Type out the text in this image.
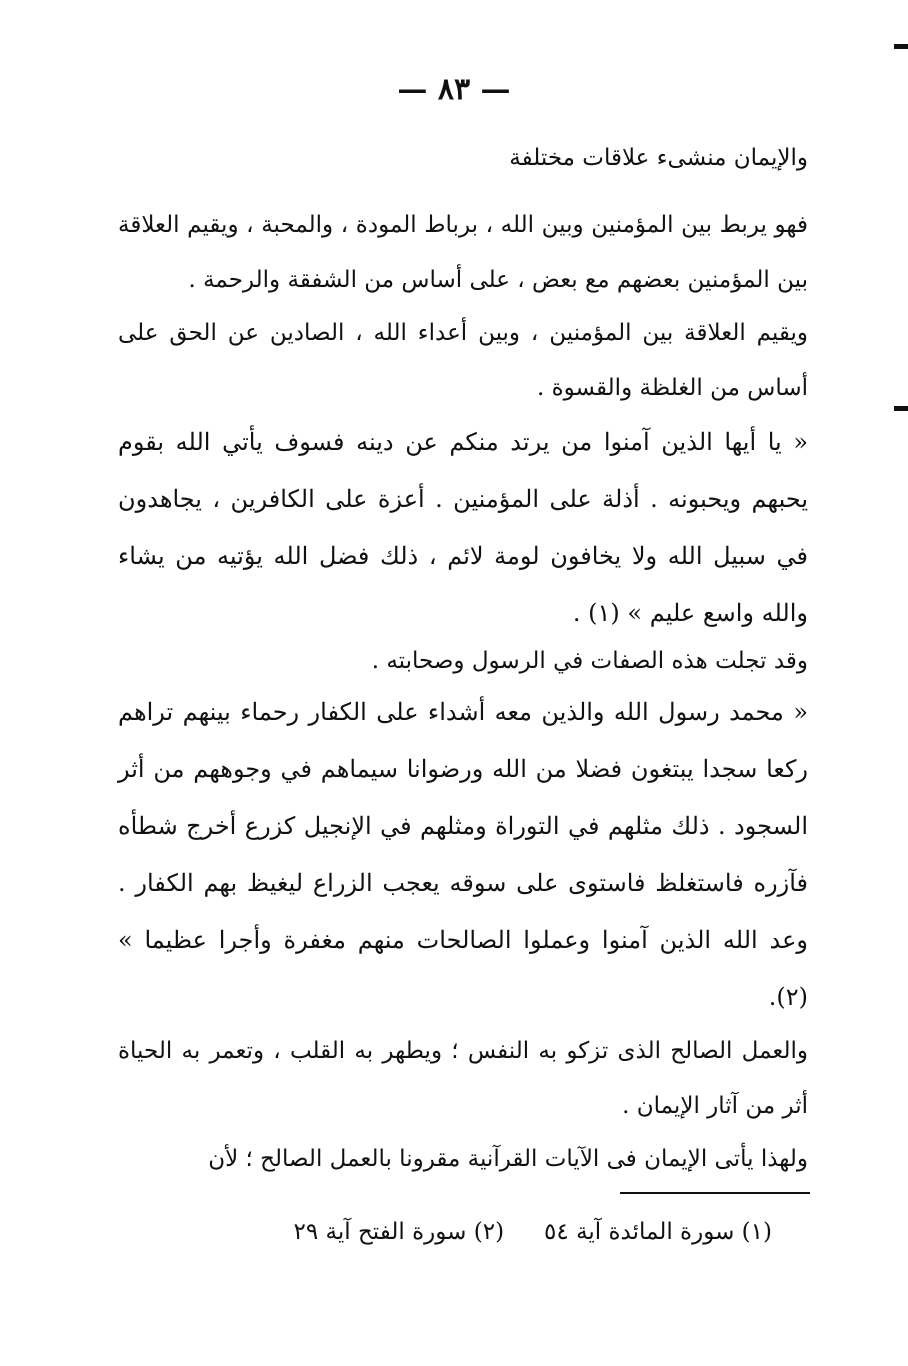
— ٨٣ —
والإيمان منشىء علاقات مختلفة
فهو يربط بين المؤمنين وبين الله ، برباط المودة ، والمحبة ، ويقيم العلاقة بين المؤمنين بعضهم مع بعض ، على أساس من الشفقة والرحمة .
ويقيم العلاقة بين المؤمنين ، وبين أعداء الله ، الصادين عن الحق على أساس من الغلظة والقسوة .
« يا أيها الذين آمنوا من يرتد منكم عن دينه فسوف يأتي الله بقوم يحبهم ويحبونه . أذلة على المؤمنين . أعزة على الكافرين ، يجاهدون في سبيل الله ولا يخافون لومة لائم ، ذلك فضل الله يؤتيه من يشاء والله واسع عليم » (١) .
وقد تجلت هذه الصفات في الرسول وصحابته .
« محمد رسول الله والذين معه أشداء على الكفار رحماء بينهم تراهم ركعا سجدا يبتغون فضلا من الله ورضوانا سيماهم في وجوههم من أثر السجود . ذلك مثلهم في التوراة ومثلهم في الإنجيل كزرع أخرج شطأه فآزره فاستغلظ فاستوى على سوقه يعجب الزراع ليغيظ بهم الكفار . وعد الله الذين آمنوا وعملوا الصالحات منهم مغفرة وأجرا عظيما » (٢).
والعمل الصالح الذى تزكو به النفس ؛ ويطهر به القلب ، وتعمر به الحياة أثر من آثار الإيمان .
ولهذا يأتى الإيمان فى الآيات القرآنية مقرونا بالعمل الصالح ؛ لأن
(١) سورة المائدة آية ٥٤
(٢) سورة الفتح آية ٢٩
